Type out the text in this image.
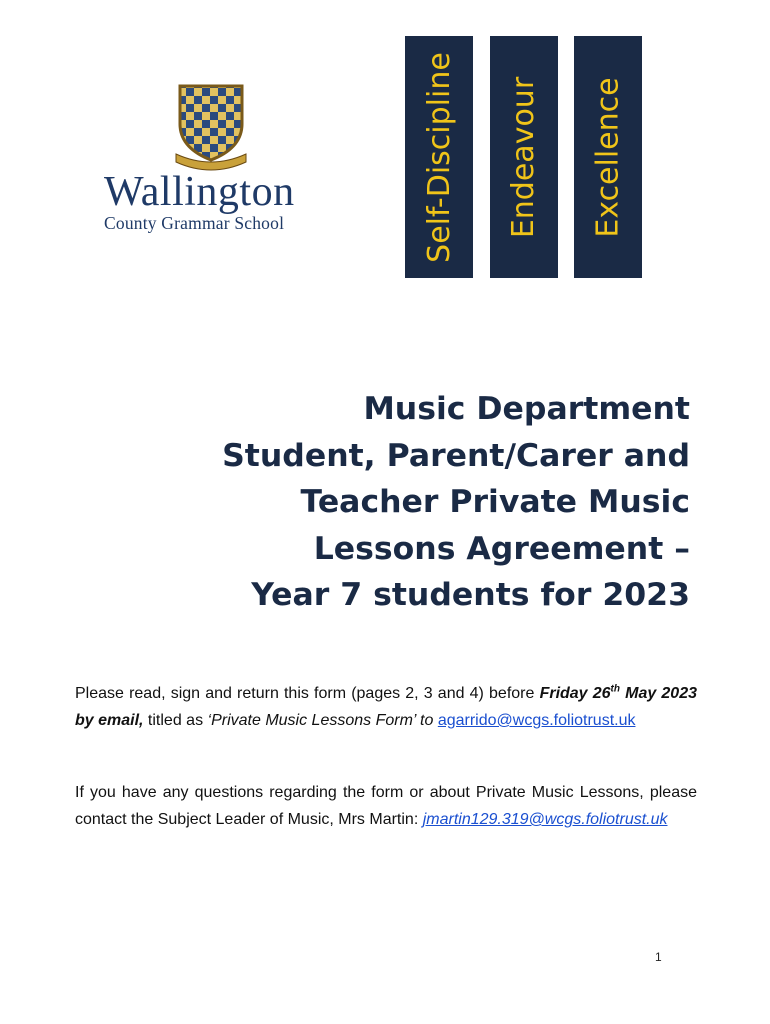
Wallington
County Grammar School	Self-Discipline Endeavour Excellence
Music Department
Student, Parent/Carer and
Teacher Private Music
Lessons Agreement –
Year 7 students for 2023
Please read, sign and return this form (pages 2, 3 and 4) before Friday 26th May 2023 by email, titled as ‘Private Music Lessons Form’ to agarrido@wcgs.foliotrust.uk
If you have any questions regarding the form or about Private Music Lessons, please contact the Subject Leader of Music, Mrs Martin: jmartin129.319@wcgs.foliotrust.uk
1
